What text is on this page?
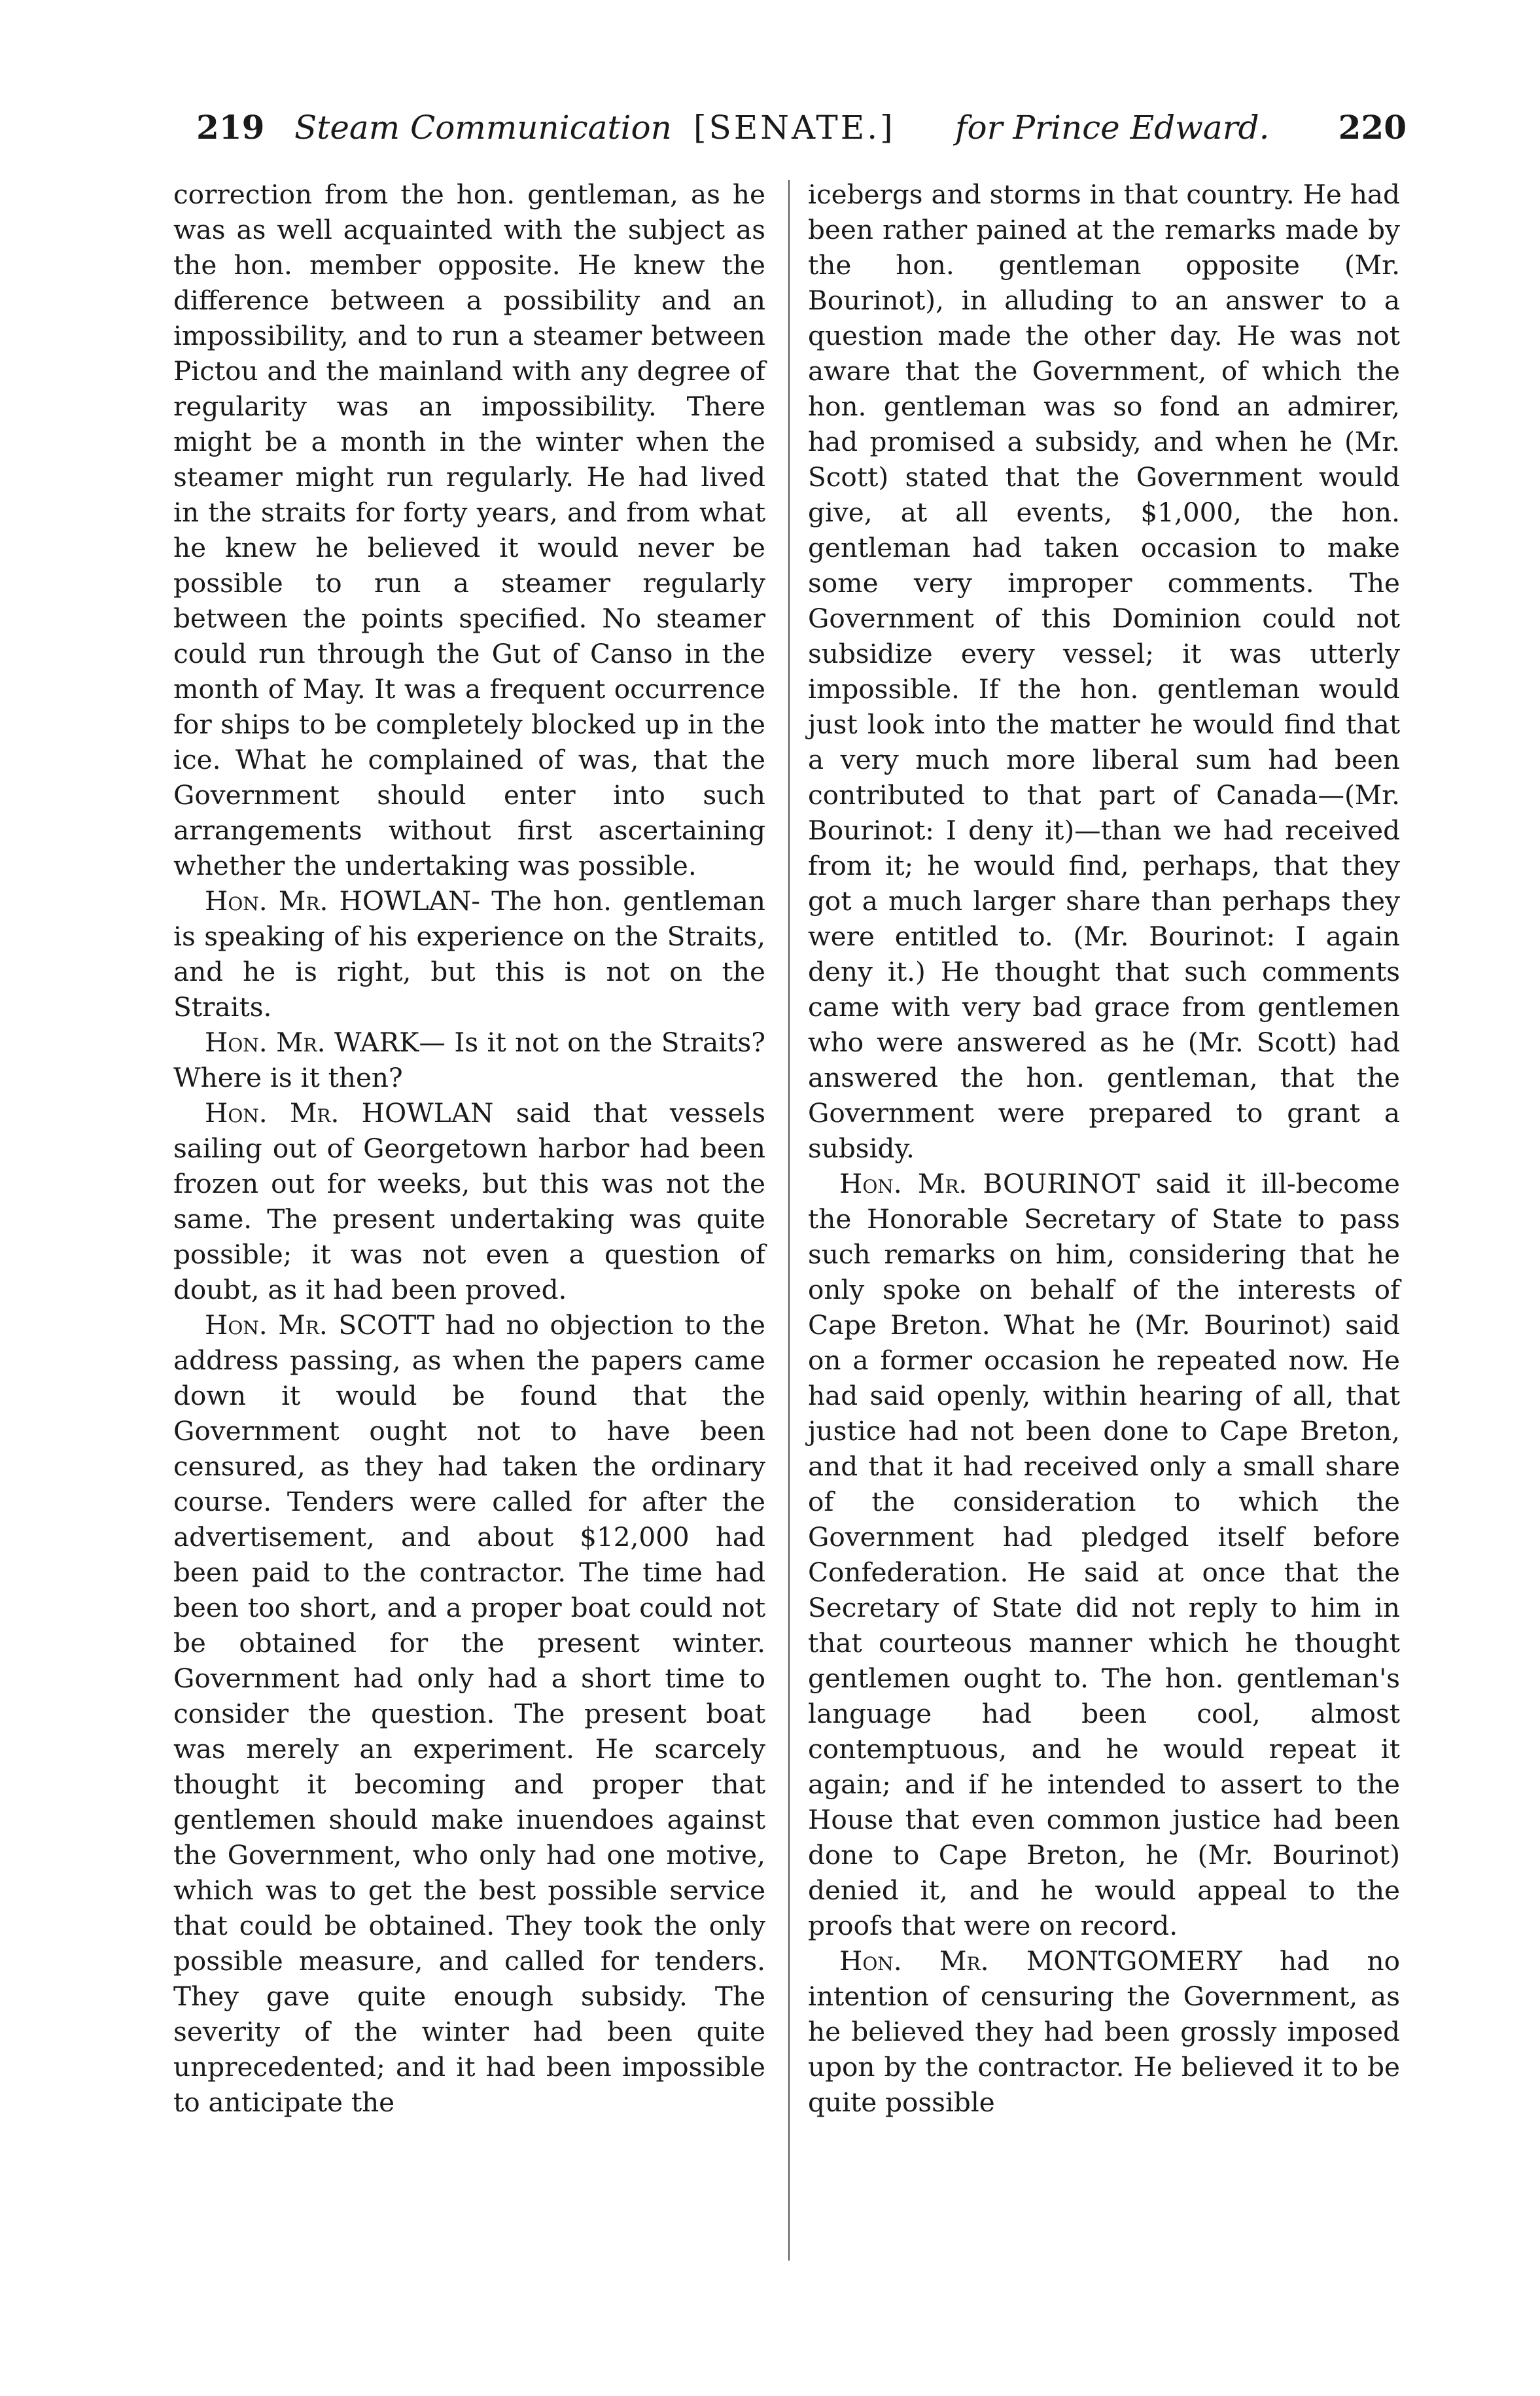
219 Steam Communication [SENATE.] for Prince Edward. 220

correction from the hon. gentleman, as he was as well acquainted with the subject as the hon. member opposite. He knew the difference between a possibility and an impossibility, and to run a steamer between Pictou and the mainland with any degree of regularity was an impossibility. There might be a month in the winter when the steamer might run regularly. He had lived in the straits for forty years, and from what he knew he believed it would never be possible to run a steamer regularly between the points specified. No steamer could run through the Gut of Canso in the month of May. It was a frequent occurrence for ships to be completely blocked up in the ice. What he complained of was, that the Government should enter into such arrangements without first ascertaining whether the undertaking was possible.

Hon. Mr. HOWLAN- The hon. gentleman is speaking of his experience on the Straits, and he is right, but this is not on the Straits.

Hon. Mr. WARK— Is it not on the Straits? Where is it then?

Hon. Mr. HOWLAN said that vessels sailing out of Georgetown harbor had been frozen out for weeks, but this was not the same. The present undertaking was quite possible; it was not even a question of doubt, as it had been proved.

Hon. Mr. SCOTT had no objection to the address passing, as when the papers came down it would be found that the Government ought not to have been censured, as they had taken the ordinary course. Tenders were called for after the advertisement, and about $12,000 had been paid to the contractor. The time had been too short, and a proper boat could not be obtained for the present winter. Government had only had a short time to consider the question. The present boat was merely an experiment. He scarcely thought it becoming and proper that gentlemen should make inuendoes against the Government, who only had one motive, which was to get the best possible service that could be obtained. They took the only possible measure, and called for tenders. They gave quite enough subsidy. The severity of the winter had been quite unprecedented; and it had been impossible to anticipate the

icebergs and storms in that country. He had been rather pained at the remarks made by the hon. gentleman opposite (Mr. Bourinot), in alluding to an answer to a question made the other day. He was not aware that the Government, of which the hon. gentleman was so fond an admirer, had promised a subsidy, and when he (Mr. Scott) stated that the Government would give, at all events, $1,000, the hon. gentleman had taken occasion to make some very improper comments. The Government of this Dominion could not subsidize every vessel; it was utterly impossible. If the hon. gentleman would just look into the matter he would find that a very much more liberal sum had been contributed to that part of Canada—(Mr. Bourinot: I deny it)—than we had received from it; he would find, perhaps, that they got a much larger share than perhaps they were entitled to. (Mr. Bourinot: I again deny it.) He thought that such comments came with very bad grace from gentlemen who were answered as he (Mr. Scott) had answered the hon. gentleman, that the Government were prepared to grant a subsidy.

Hon. Mr. BOURINOT said it ill-become the Honorable Secretary of State to pass such remarks on him, considering that he only spoke on behalf of the interests of Cape Breton. What he (Mr. Bourinot) said on a former occasion he repeated now. He had said openly, within hearing of all, that justice had not been done to Cape Breton, and that it had received only a small share of the consideration to which the Government had pledged itself before Confederation. He said at once that the Secretary of State did not reply to him in that courteous manner which he thought gentlemen ought to. The hon. gentleman's language had been cool, almost contemptuous, and he would repeat it again; and if he intended to assert to the House that even common justice had been done to Cape Breton, he (Mr. Bourinot) denied it, and he would appeal to the proofs that were on record.

Hon. Mr. MONTGOMERY had no intention of censuring the Government, as he believed they had been grossly imposed upon by the contractor. He believed it to be quite possible
